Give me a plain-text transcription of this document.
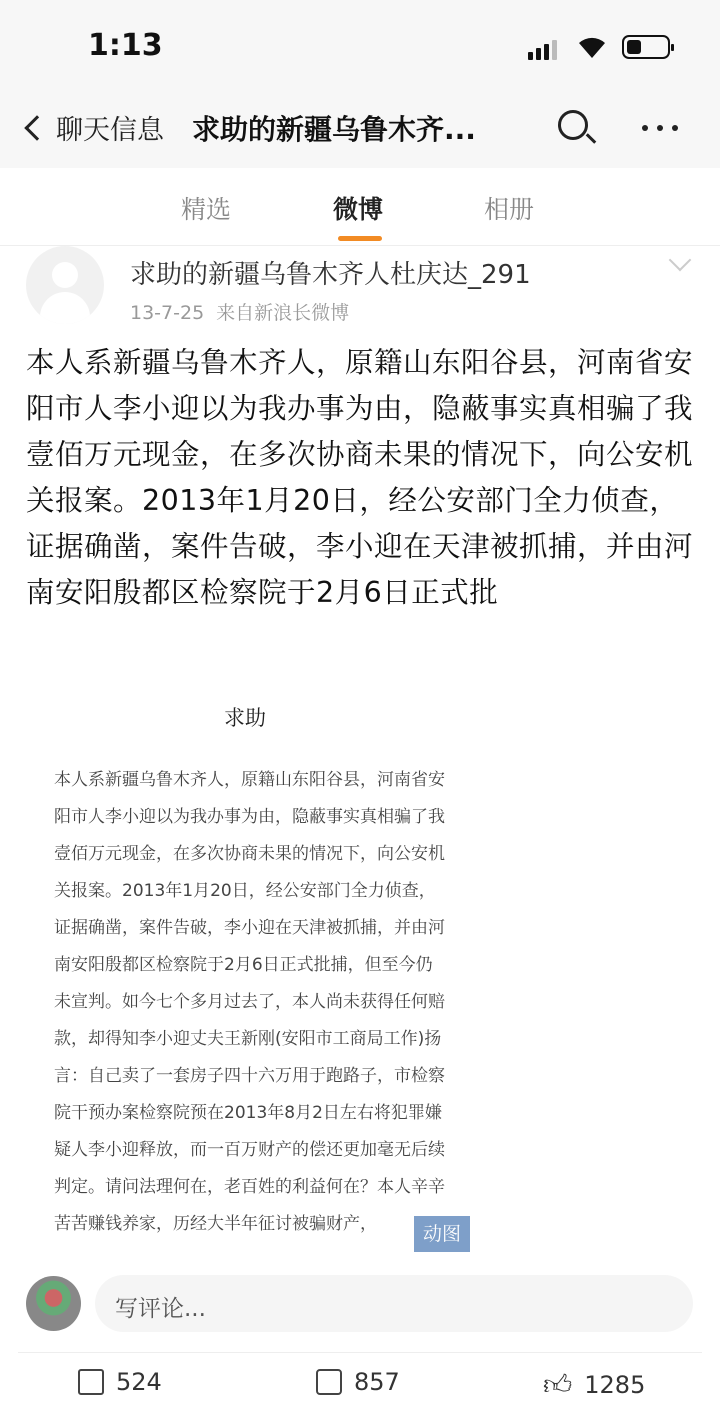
1:13
聊天信息 求助的新疆乌鲁木齐...
精选	微博	相册
求助的新疆乌鲁木齐人杜庆达_291
13-7-25 来自新浪长微博
本人系新疆乌鲁木齐人，原籍山东阳谷县，河南省安阳市人李小迎以为我办事为由，隐蔽事实真相骗了我壹佰万元现金，在多次协商未果的情况下，向公安机关报案。2013年1月20日，经公安部门全力侦查，证据确凿，案件告破，李小迎在天津被抓捕，并由河南安阳殷都区检察院于2月6日正式批
求助

本人系新疆乌鲁木齐人，原籍山东阳谷县，河南省安阳市人李小迎以为我办事为由，隐蔽事实真相骗了我壹佰万元现金，在多次协商未果的情况下，向公安机关报案。2013年1月20日，经公安部门全力侦查，证据确凿，案件告破，李小迎在天津被抓捕，并由河南安阳殷都区检察院于2月6日正式批捕，但至今仍未宣判。如今七个多月过去了，本人尚未获得任何赔款，却得知李小迎丈夫王新刚(安阳市工商局工作)扬言：自己卖了一套房子四十六万用于跑路子，市检察院干预办案检察院预在2013年8月2日左右将犯罪嫌疑人李小迎释放，而一百万财产的偿还更加毫无后续判定。请问法理何在，老百姓的利益何在？本人辛辛苦苦赚钱养家，历经大半年征讨被骗财产，	动图
写评论...
524	857	👍︎ 1285
